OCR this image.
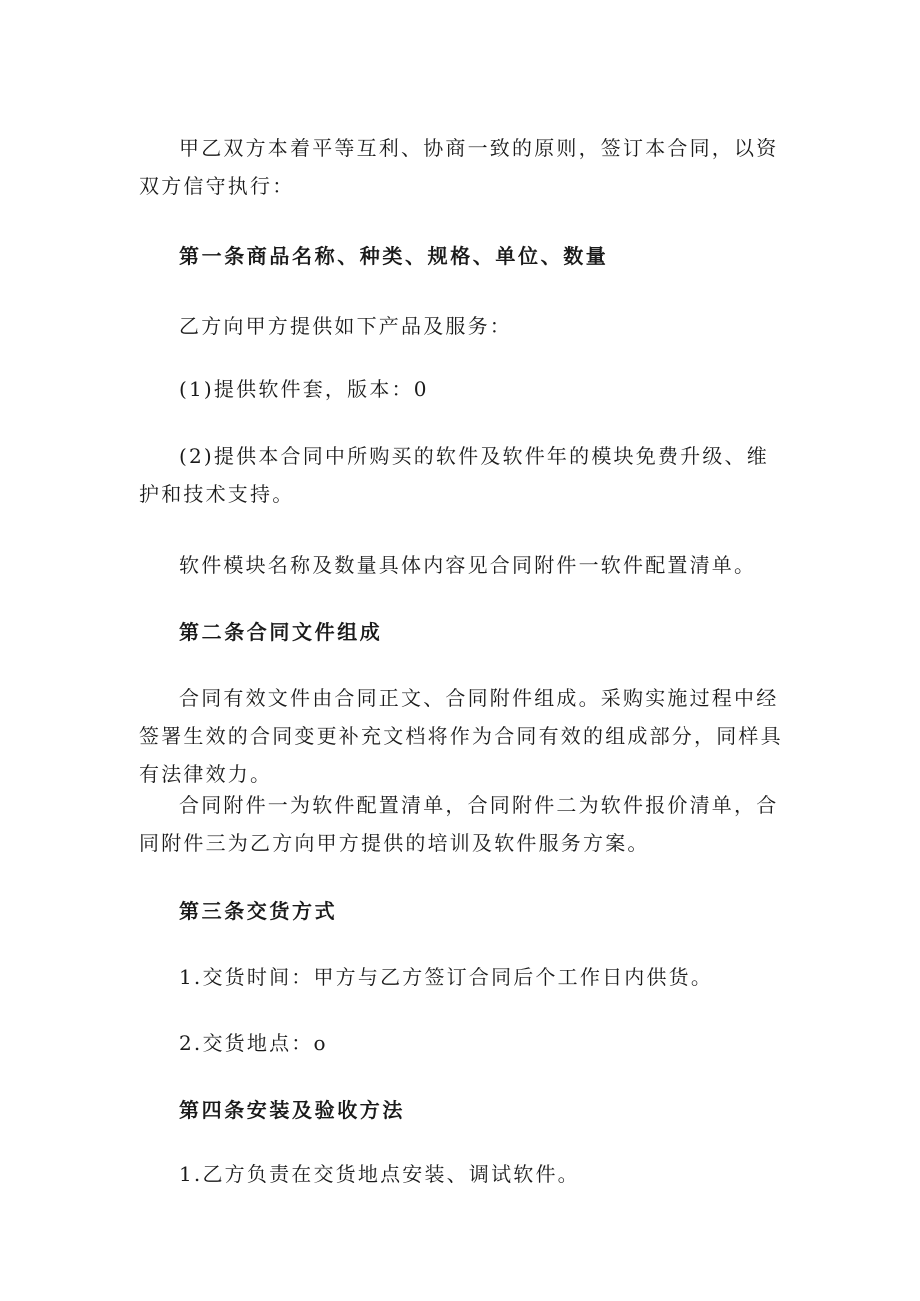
甲乙双方本着平等互利、协商一致的原则，签订本合同，以资双方信守执行：

第一条商品名称、种类、规格、单位、数量

乙方向甲方提供如下产品及服务：

(1)提供软件套，版本：0

(2)提供本合同中所购买的软件及软件年的模块免费升级、维护和技术支持。

软件模块名称及数量具体内容见合同附件一软件配置清单。

第二条合同文件组成

合同有效文件由合同正文、合同附件组成。采购实施过程中经签署生效的合同变更补充文档将作为合同有效的组成部分，同样具有法律效力。

合同附件一为软件配置清单，合同附件二为软件报价清单，合同附件三为乙方向甲方提供的培训及软件服务方案。

第三条交货方式

1.交货时间：甲方与乙方签订合同后个工作日内供货。

2.交货地点：o

第四条安装及验收方法

1.乙方负责在交货地点安装、调试软件。
